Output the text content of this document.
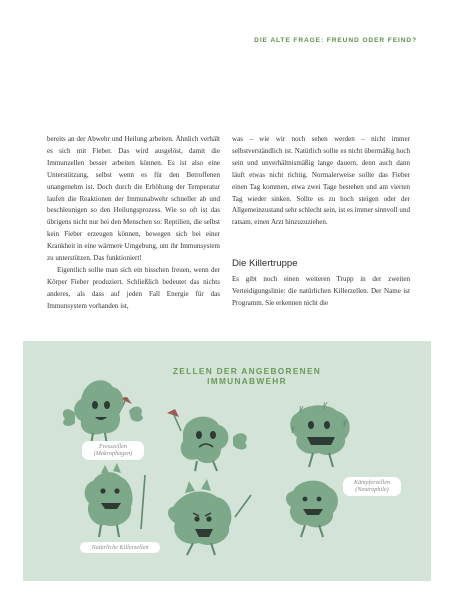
DIE ALTE FRAGE: FREUND ODER FEIND?

bereits an der Abwehr und Heilung arbeiten. Ähnlich verhält es sich mit Fieber. Das wird ausgelöst, damit die Immunzellen besser arbeiten können. Es ist also eine Unterstützung, selbst wenn es für den Betroffenen unangenehm ist. Doch durch die Erhöhung der Temperatur laufen die Reaktionen der Immunabwehr schneller ab und beschleunigen so den Heilungsprozess. Wie so oft ist das übrigens nicht nur bei den Menschen so: Reptilien, die selbst kein Fieber erzeugen können, bewegen sich bei einer Krankheit in eine wärmere Umgebung, um ihr Immunsystem zu unterstützen. Das funktioniert!

Eigentlich sollte man sich ein bisschen freuen, wenn der Körper Fieber produziert. Schließlich bedeutet das nichts anderes, als dass auf jeden Fall Energie für das Immunsystem vorhanden ist,

was – wie wir noch sehen werden – nicht immer selbstverständlich ist. Natürlich sollte es nicht übermäßig hoch sein und unverhältnismäßig lange dauern, denn auch dann läuft etwas nicht richtig. Normalerweise sollte das Fieber einen Tag kommen, etwa zwei Tage bestehen und am vierten Tag wieder sinken. Sollte es zu hoch steigen oder der Allgemeinzustand sehr schlecht sein, ist es immer sinnvoll und ratsam, einen Arzt hinzuzuziehen.

Die Killertruppe

Es gibt noch einen weiteren Trupp in der zweiten Verteidigungslinie: die natürlichen Killerzellen. Der Name ist Programm. Sie erkennen nicht die

ZELLEN DER ANGEBORENEN
IMMUNABWEHR
ꝩ ꝩ
ꝩ
ꝩ
Fresszellen
(Makrophagen)
Kämpferzellen
(Neutrophile)
Natürliche Killerzellen
